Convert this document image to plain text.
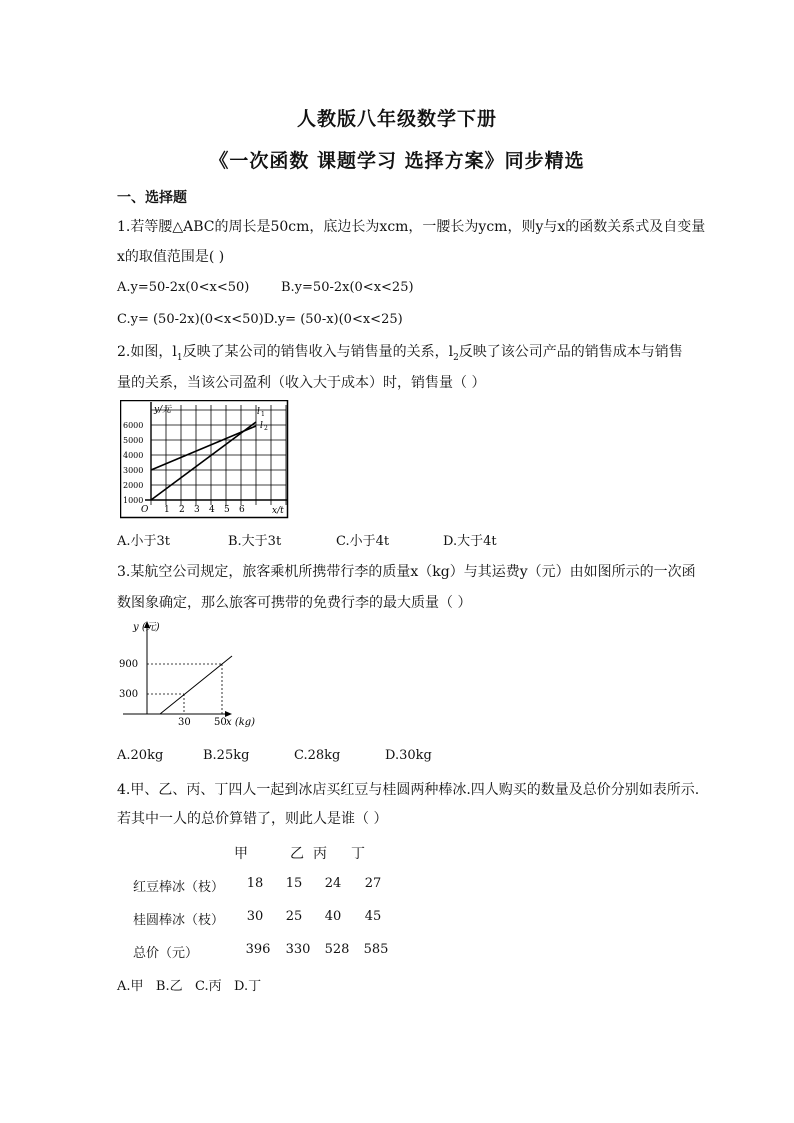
人教版八年级数学下册
《一次函数 课题学习 选择方案》同步精选
一、选择题
1.若等腰△ABC的周长是50cm，底边长为xcm，一腰长为ycm，则y与x的函数关系式及自变量
x的取值范围是( )
A.y=50-2x(0<x<50) B.y=50-2x(0<x<25)
C.y= (50-2x)(0<x<50)D.y= (50-x)(0<x<25)
2.如图，$l_1$反映了某公司的销售收入与销售量的关系，$l_2$反映了该公司产品的销售成本与销售
量的关系，当该公司盈利（收入大于成本）时，销售量（ ）
y/元
1000
2000
3000
4000
5000
6000
O 1 2 3 4 5 6	x/t
l 1
l 2
A.小于3t	B.大于3t	C.小于4t	D.大于4t
3.某航空公司规定，旅客乘机所携带行李的质量x（kg）与其运费y（元）由如图所示的一次函
数图象确定，那么旅客可携带的免费行李的最大质量（ ）
y (元)
900
300
30 50 x (kg)
A.20kg	B.25kg	C.28kg	D.30kg
4.甲、乙、丙、丁四人一起到冰店买红豆与桂圆两种棒冰.四人购买的数量及总价分别如表所示.
若其中一人的总价算错了，则此人是谁（ ）
甲	乙 丙	丁
红豆棒冰（枝）	18	15	24	27
桂圆棒冰（枝）	30	25	40	45
总价（元）	396 330 528 585
A.甲   B.乙   C.丙   D.丁
